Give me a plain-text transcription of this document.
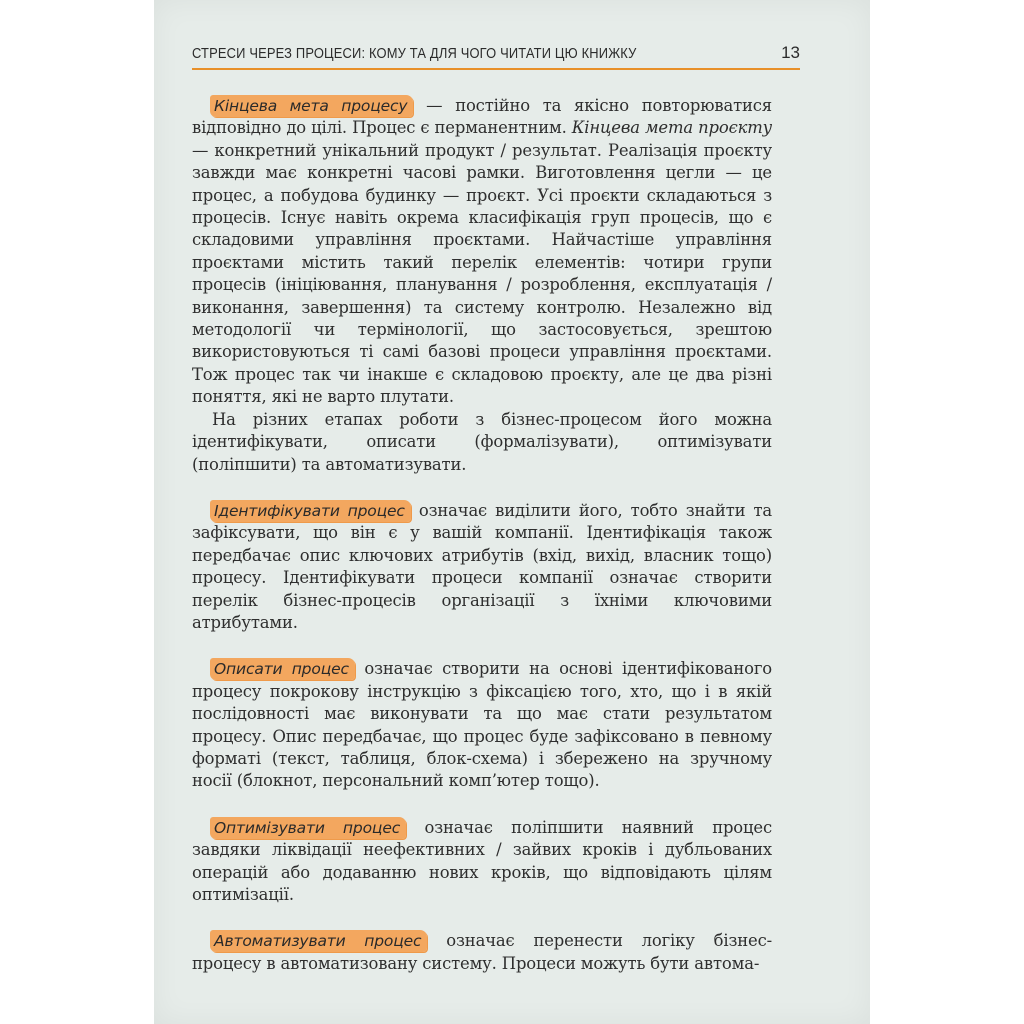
СТРЕСИ ЧЕРЕЗ ПРОЦЕСИ: КОМУ ТА ДЛЯ ЧОГО ЧИТАТИ ЦЮ КНИЖКУ	13

Кінцева мета процесу — постійно та якісно повторюватися відповідно до цілі. Процес є перманентним. Кінцева мета проєкту — конкретний унікальний продукт / результат. Реалізація проєкту завжди має конкретні часові рамки. Виготовлення цегли — це процес, а побудова будинку — проєкт. Усі проєкти складаються з процесів. Існує навіть окрема класифікація груп процесів, що є складовими управління проєктами. Найчастіше управління проєктами містить такий перелік елементів: чотири групи процесів (ініціювання, планування / розроблення, експлуатація / виконання, завершення) та систему контролю. Незалежно від методології чи термінології, що застосовується, зрештою використовуються ті самі базові процеси управління проєктами. Тож процес так чи інакше є складовою проєкту, але це два різні поняття, які не варто плутати.

На різних етапах роботи з бізнес-процесом його можна ідентифікувати, описати (формалізувати), оптимізувати (поліпшити) та автоматизувати.

Ідентифікувати процес означає виділити його, тобто знайти та зафіксувати, що він є у вашій компанії. Ідентифікація також передбачає опис ключових атрибутів (вхід, вихід, власник тощо) процесу. Ідентифікувати процеси компанії означає створити перелік бізнес-процесів організації з їхніми ключовими атрибутами.

Описати процес означає створити на основі ідентифікованого процесу покрокову інструкцію з фіксацією того, хто, що і в якій послідовності має виконувати та що має стати результатом процесу. Опис передбачає, що процес буде зафіксовано в певному форматі (текст, таблиця, блок-схема) і збережено на зручному носії (блокнот, персональний комп’ютер тощо).

Оптимізувати процес означає поліпшити наявний процес завдяки ліквідації неефективних / зайвих кроків і дубльованих операцій або додаванню нових кроків, що відповідають цілям оптимізації.

Автоматизувати процес означає перенести логіку бізнес-процесу в автоматизовану систему. Процеси можуть бути автома-
